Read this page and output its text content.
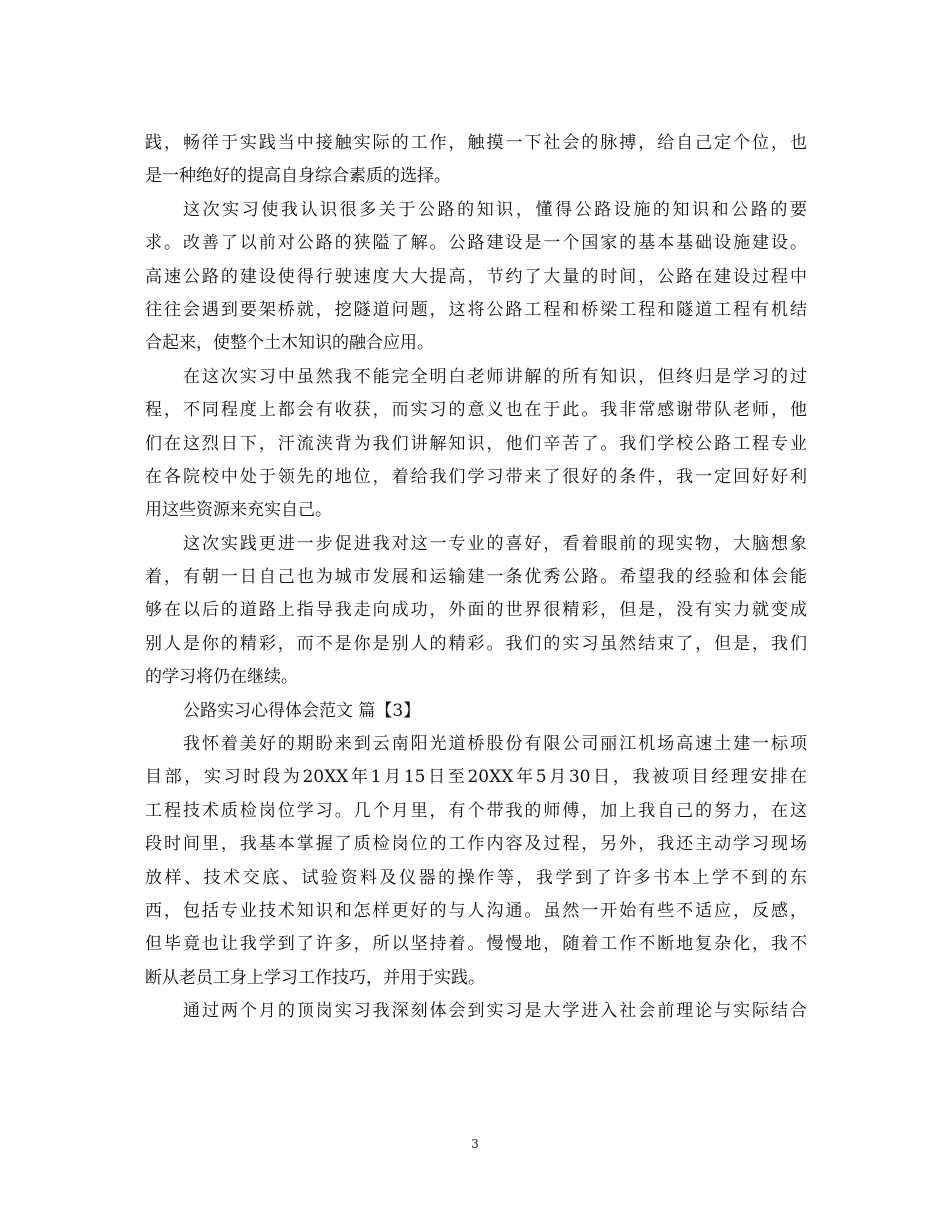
践，畅徉于实践当中接触实际的工作，触摸一下社会的脉搏，给自己定个位，也
是一种绝好的提高自身综合素质的选择。
这次实习使我认识很多关于公路的知识，懂得公路设施的知识和公路的要
求。改善了以前对公路的狭隘了解。公路建设是一个国家的基本基础设施建设。
高速公路的建设使得行驶速度大大提高，节约了大量的时间，公路在建设过程中
往往会遇到要架桥就，挖隧道问题，这将公路工程和桥梁工程和隧道工程有机结
合起来，使整个土木知识的融合应用。
在这次实习中虽然我不能完全明白老师讲解的所有知识，但终归是学习的过
程，不同程度上都会有收获，而实习的意义也在于此。我非常感谢带队老师，他
们在这烈日下，汗流浃背为我们讲解知识，他们辛苦了。我们学校公路工程专业
在各院校中处于领先的地位，着给我们学习带来了很好的条件，我一定回好好利
用这些资源来充实自己。
这次实践更进一步促进我对这一专业的喜好，看着眼前的现实物，大脑想象
着，有朝一日自己也为城市发展和运输建一条优秀公路。希望我的经验和体会能
够在以后的道路上指导我走向成功，外面的世界很精彩，但是，没有实力就变成
别人是你的精彩，而不是你是别人的精彩。我们的实习虽然结束了，但是，我们
的学习将仍在继续。
公路实习心得体会范文 篇【3】
我怀着美好的期盼来到云南阳光道桥股份有限公司丽江机场高速土建一标项
目部，实习时段为20XX年1月15日至20XX年5月30日，我被项目经理安排在
工程技术质检岗位学习。几个月里，有个带我的师傅，加上我自己的努力，在这
段时间里，我基本掌握了质检岗位的工作内容及过程，另外，我还主动学习现场
放样、技术交底、试验资料及仪器的操作等，我学到了许多书本上学不到的东
西，包括专业技术知识和怎样更好的与人沟通。虽然一开始有些不适应，反感，
但毕竟也让我学到了许多，所以坚持着。慢慢地，随着工作不断地复杂化，我不
断从老员工身上学习工作技巧，并用于实践。
通过两个月的顶岗实习我深刻体会到实习是大学进入社会前理论与实际结合
3
